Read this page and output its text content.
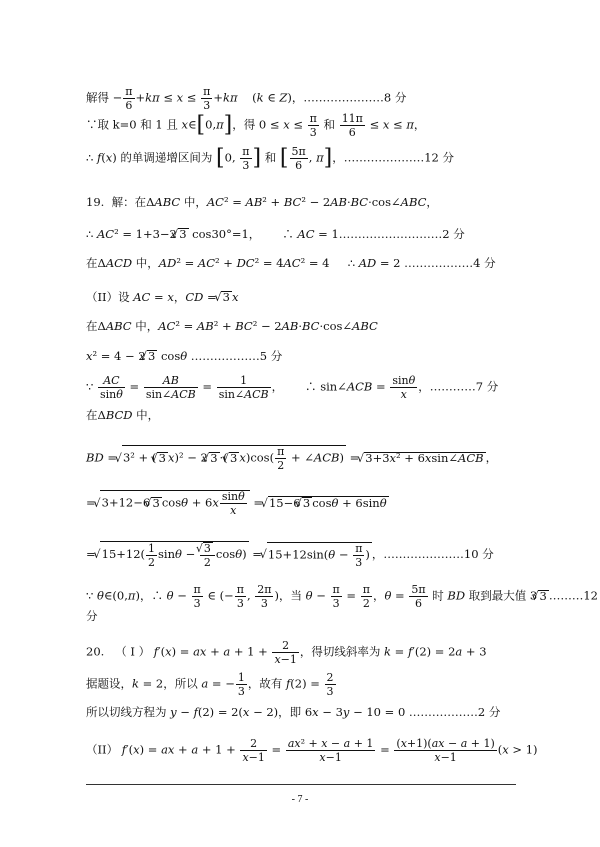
解得 − $\frac{\pi}{6} +k\pi \le x \le \frac{\pi}{3} +k\pi$    (k ∈ Z)，…………………8 分
∵取 k=0 和 1 且 x∈[0,π]，得 $0 \le x \le \frac{\pi}{3}$ 和 $\frac{11\pi}{6} \le x \le \pi$，
∴ f(x) 的单调递增区间为 [0, $\frac{\pi}{3}$ ] 和 [ $\frac{5\pi}{6}$ , π]，…………………12 分
19.  解：在ΔABC 中，AC² = AB² + BC² − 2AB·BC·cos∠ABC，
∴ AC² = 1+3−2 √ 3 cos30°=1，      ∴ AC = 1………………………2 分
在ΔACD 中，AD² = AC² + DC² = 4AC² = 4     ∴ AD = 2 ………………4 分
（II）设 AC = x，CD = √ 3 x
在ΔABC 中，AC² = AB² + BC² − 2AB·BC·cos∠ABC
x² = 4 − 2 √ 3 cosθ ………………5 分
∵ $\frac{AC}{\sin\theta} = \frac{AB}{\text{sin∠ACB}} = \frac{1}{\text{sin∠ACB}}$ ，      ∴ sin∠ACB = $\frac{\sin\theta}{x}$ ，…………7 分
在ΔBCD 中，
BD = √ 3² + ( √ 3 x)² − 2 √ 3 ·( √ 3 $x)\cos( \frac{\pi}{2}$ + ∠ACB) = √ 3+3x² + 6xsin∠ACB ，
= √ 3+12−6 √ 3 $\cos\theta + 6x \frac{\sin\theta}{x}$ = √ 15−6 √ 3 cosθ + 6sinθ
= √ $15+12( \frac{1}{2}$ sinθ − √ $\frac{3}{2} \cos\theta$) = √ $15+12\sin(\theta - \frac{\pi}{3}$ ) ，…………………10 分
∵ θ∈(0,π)，∴ $\theta - \frac{\pi}{3}$ ∈ (− $\frac{\pi}{3}$ , $\frac{2\pi}{3}$ )，当 $\theta - \frac{\pi}{3} = \frac{\pi}{2}$ ，$\theta = \frac{5\pi}{6}$ 时 BD 取到最大值 3 √ 3 ………12
分
20.   （ I ） f′(x) = ax + $a + 1 + \frac{2}{x-1}$ ，得切线斜率为 k = f′(2) = 2a + 3
据题设，k = 2，所以 a = − $\frac{1}{3}$ ，故有 $f(2) = \frac{2}{3}$
所以切线方程为 y − f(2) = 2(x − 2)，即 6x − 3y − 10 = 0 ………………2 分
（II） f′(x) = ax + $a + 1 + \frac{2}{x-1} = \frac{\text{ax² + x − a + 1}}{x-1} = \frac{(x+1)(ax - a + 1)}{x-1} (x > 1)$
- 7 -
